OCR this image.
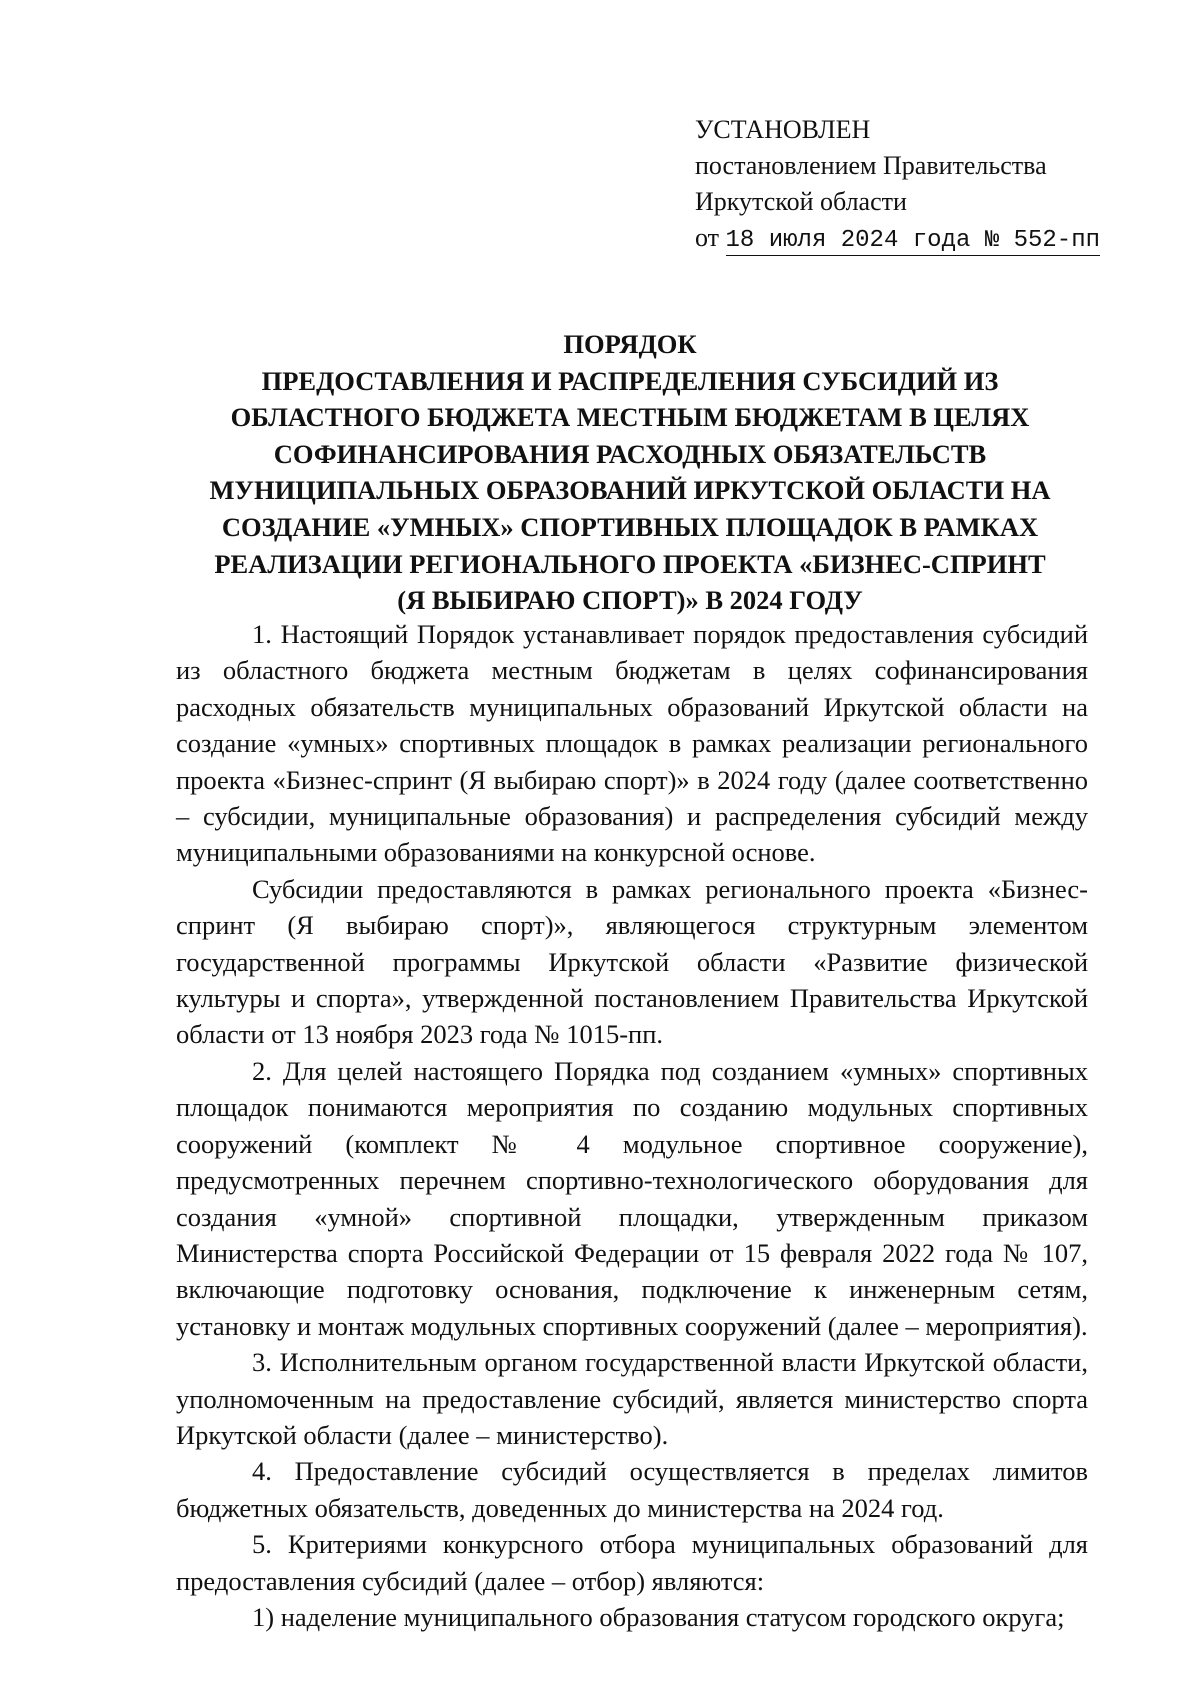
УСТАНОВЛЕН
постановлением Правительства
Иркутской области
от 18 июля 2024 года № 552-пп
ПОРЯДОК
ПРЕДОСТАВЛЕНИЯ И РАСПРЕДЕЛЕНИЯ СУБСИДИЙ ИЗ
ОБЛАСТНОГО БЮДЖЕТА МЕСТНЫМ БЮДЖЕТАМ В ЦЕЛЯХ
СОФИНАНСИРОВАНИЯ РАСХОДНЫХ ОБЯЗАТЕЛЬСТВ
МУНИЦИПАЛЬНЫХ ОБРАЗОВАНИЙ ИРКУТСКОЙ ОБЛАСТИ НА
СОЗДАНИЕ «УМНЫХ» СПОРТИВНЫХ ПЛОЩАДОК В РАМКАХ
РЕАЛИЗАЦИИ РЕГИОНАЛЬНОГО ПРОЕКТА «БИЗНЕС-СПРИНТ
(Я ВЫБИРАЮ СПОРТ)» В 2024 ГОДУ

1. Настоящий Порядок устанавливает порядок предоставления субсидий из областного бюджета местным бюджетам в целях софинансирования расходных обязательств муниципальных образований Иркутской области на создание «умных» спортивных площадок в рамках реализации регионального проекта «Бизнес-спринт (Я выбираю спорт)» в 2024 году (далее соответственно – субсидии, муниципальные образования) и распределения субсидий между муниципальными образованиями на конкурсной основе.

Субсидии предоставляются в рамках регионального проекта «Бизнес-спринт (Я выбираю спорт)», являющегося структурным элементом государственной программы Иркутской области «Развитие физической культуры и спорта», утвержденной постановлением Правительства Иркутской области от 13 ноября 2023 года № 1015-пп.

2. Для целей настоящего Порядка под созданием «умных» спортивных площадок понимаются мероприятия по созданию модульных спортивных сооружений (комплект № 4 модульное спортивное сооружение), предусмотренных перечнем спортивно-технологического оборудования для создания «умной» спортивной площадки, утвержденным приказом Министерства спорта Российской Федерации от 15 февраля 2022 года № 107, включающие подготовку основания, подключение к инженерным сетям, установку и монтаж модульных спортивных сооружений (далее – мероприятия).

3. Исполнительным органом государственной власти Иркутской области, уполномоченным на предоставление субсидий, является министерство спорта Иркутской области (далее – министерство).

4. Предоставление субсидий осуществляется в пределах лимитов бюджетных обязательств, доведенных до министерства на 2024 год.

5. Критериями конкурсного отбора муниципальных образований для предоставления субсидий (далее – отбор) являются:

1) наделение муниципального образования статусом городского округа;
